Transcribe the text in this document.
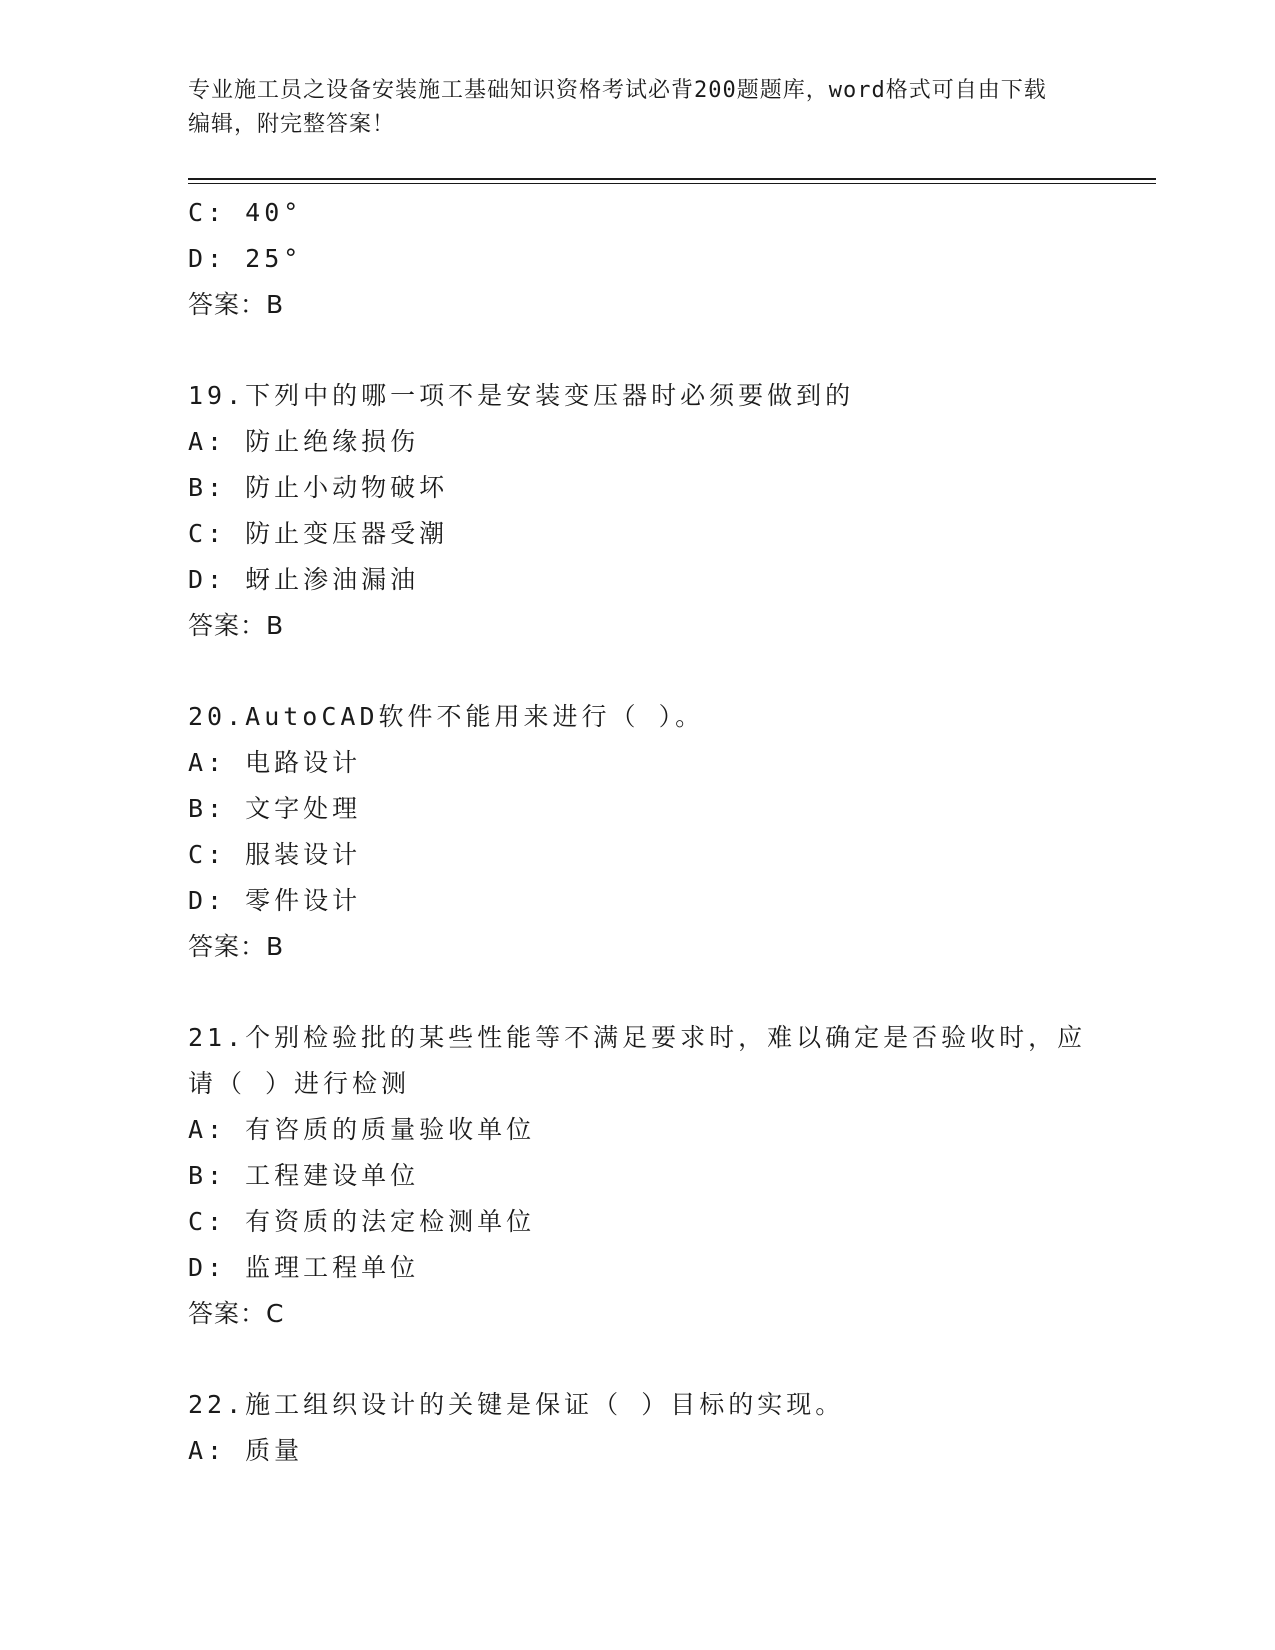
专业施工员之设备安装施工基础知识资格考试必背200题题库，word格式可自由下载编辑，附完整答案！
C: 40°
D: 25°
答案：B
19.下列中的哪一项不是安装变压器时必须要做到的
A: 防止绝缘损伤
B: 防止小动物破坏
C: 防止变压器受潮
D: 蚜止渗油漏油
答案：B
20.AutoCAD软件不能用来进行（ ）。
A: 电路设计
B: 文字处理
C: 服装设计
D: 零件设计
答案：B
21.个别检验批的某些性能等不满足要求时，难以确定是否验收时，应请（ ）进行检测
A: 有咨质的质量验收单位
B: 工程建设单位
C: 有资质的法定检测单位
D: 监理工程单位
答案：C
22.施工组织设计的关键是保证（ ）目标的实现。
A: 质量
